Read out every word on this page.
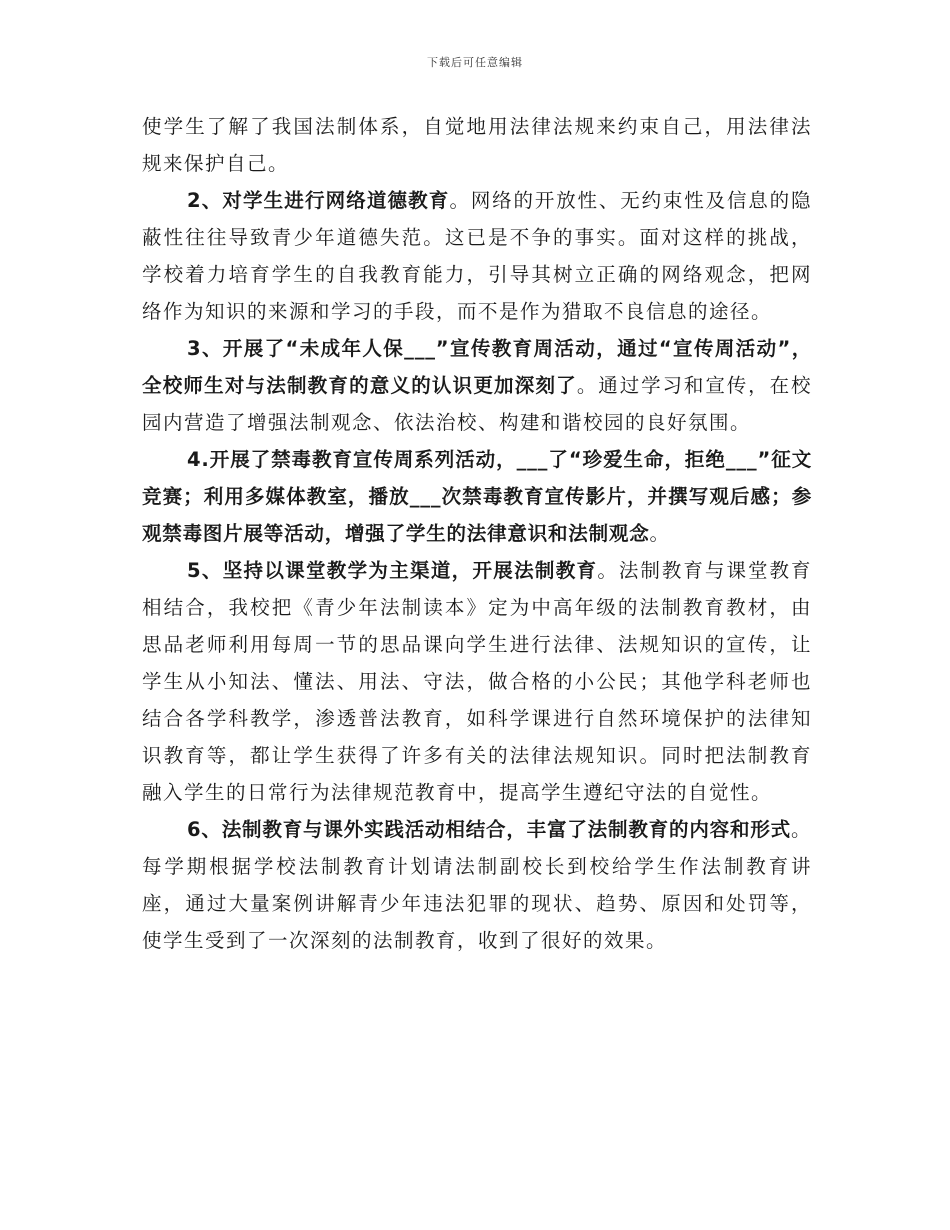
下载后可任意编辑

使学生了解了我国法制体系，自觉地用法律法规来约束自己，用法律法规来保护自己。

2、对学生进行网络道德教育。网络的开放性、无约束性及信息的隐蔽性往往导致青少年道德失范。这已是不争的事实。面对这样的挑战，学校着力培育学生的自我教育能力，引导其树立正确的网络观念，把网络作为知识的来源和学习的手段，而不是作为猎取不良信息的途径。

3、开展了“未成年人保___”宣传教育周活动，通过“宣传周活动”，全校师生对与法制教育的意义的认识更加深刻了。通过学习和宣传，在校园内营造了增强法制观念、依法治校、构建和谐校园的良好氛围。

4.开展了禁毒教育宣传周系列活动，___了“珍爱生命，拒绝___”征文竞赛；利用多媒体教室，播放___次禁毒教育宣传影片，并撰写观后感；参观禁毒图片展等活动，增强了学生的法律意识和法制观念。

5、坚持以课堂教学为主渠道，开展法制教育。法制教育与课堂教育相结合，我校把《青少年法制读本》定为中高年级的法制教育教材，由思品老师利用每周一节的思品课向学生进行法律、法规知识的宣传，让学生从小知法、懂法、用法、守法，做合格的小公民；其他学科老师也结合各学科教学，渗透普法教育，如科学课进行自然环境保护的法律知识教育等，都让学生获得了许多有关的法律法规知识。同时把法制教育融入学生的日常行为法律规范教育中，提高学生遵纪守法的自觉性。

6、法制教育与课外实践活动相结合，丰富了法制教育的内容和形式。每学期根据学校法制教育计划请法制副校长到校给学生作法制教育讲座，通过大量案例讲解青少年违法犯罪的现状、趋势、原因和处罚等，使学生受到了一次深刻的法制教育，收到了很好的效果。
